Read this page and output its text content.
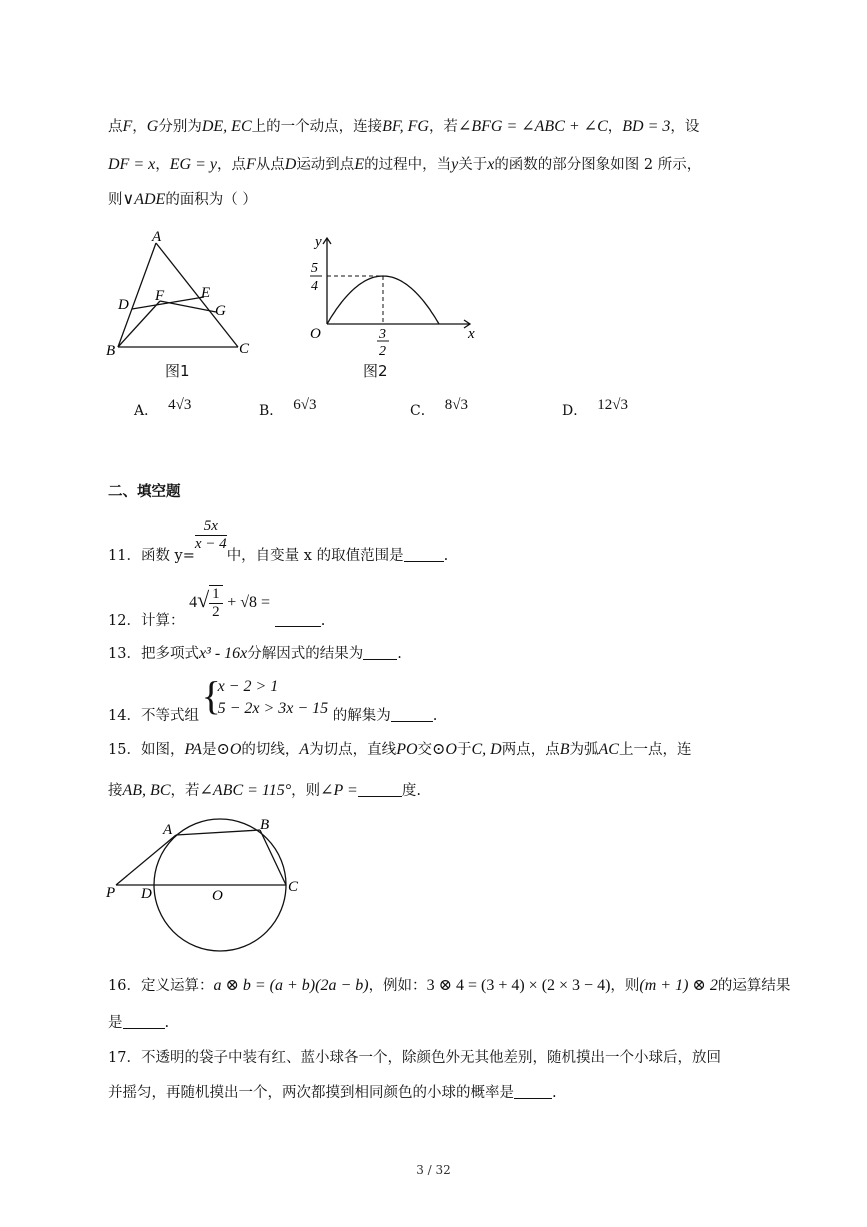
点F，G分别为DE, EC上的一个动点，连接BF, FG，若∠BFG = ∠ABC + ∠C，BD = 3，设
DF = x，EG = y，点F从点D运动到点E的过程中，当y关于x的函数的部分图象如图 2 所示，
则∨ADE的面积为（ ）
A
B	C
D
E
F
G
图1
y
x
O
5
4
3
2
图2
A． 4√3	B． 6√3	C． 8√3	D． 12√3
二、填空题
11．函数 y=
$\frac{5x}{x - 4}$
中，自变量 x 的取值范围是	.
12．计算： $4√ \frac{1}{2} + √8$ = .
13．把多项式x³ - 16x分解因式的结果为 .
14．不等式组 {
x − 2 > 1
5 − 2x > 3x − 15 的解集为	.
15．如图，PA是⊙O的切线，A为切点，直线PO交⊙O于C, D两点，点B为弧AC上一点，连
接AB, BC，若∠ABC = 115°，则∠P =	度.
A	B
P D	O
C
16．定义运算：a ⊗ b = (a + b)(2a − b)，例如：3 ⊗ 4 = (3 + 4) × (2 × 3 − 4)，则(m + 1) ⊗ 2的运算结果
是	.
17．不透明的袋子中装有红、蓝小球各一个，除颜色外无其他差别，随机摸出一个小球后，放回
并摇匀，再随机摸出一个，两次都摸到相同颜色的小球的概率是	.
3 / 32
